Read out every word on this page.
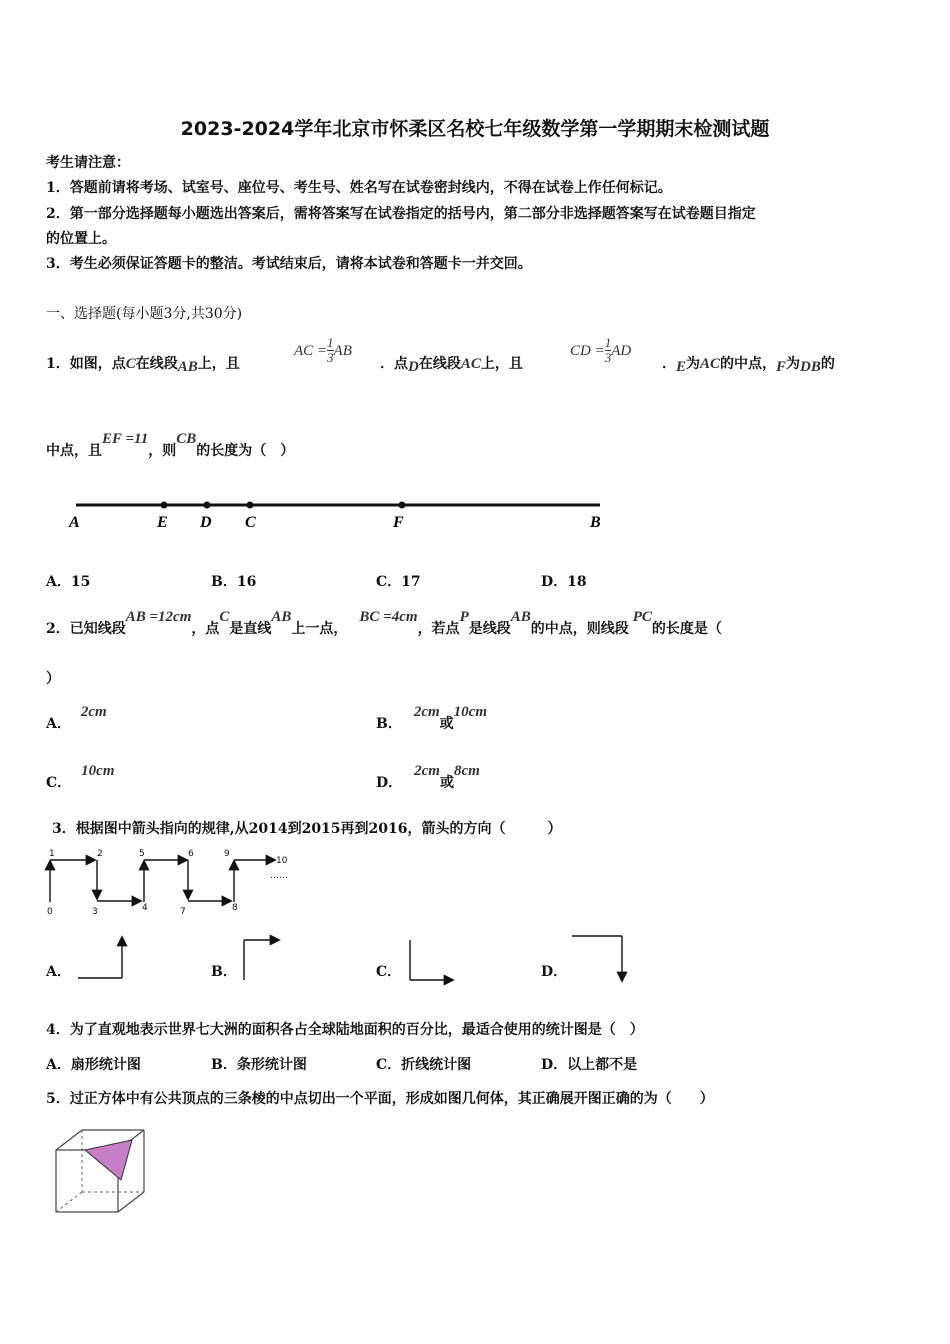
2023-2024学年北京市怀柔区名校七年级数学第一学期期末检测试题
考生请注意：
1．答题前请将考场、试室号、座位号、考生号、姓名写在试卷密封线内，不得在试卷上作任何标记。
2．第一部分选择题每小题选出答案后，需将答案写在试卷指定的括号内，第二部分非选择题答案写在试卷题目指定
的位置上。
3．考生必须保证答题卡的整洁。考试结束后，请将本试卷和答题卡一并交回。
一、选择题(每小题3分,共30分)
1．如图，点C在线段AB上，且
AC = $\frac{1}{3}$ AB
．点D在线段AC上，且
CD = $\frac{1}{3}$ AD
．E为AC的中点，F为DB的
中点，且EF =11，则CB的长度为（　）
A	E D C	F	B
A．15	B．16	C．17	D．18
2．已知线段AB =12cm，点C是直线AB上一点，BC =4cm，若点P是线段AB的中点，则线段PC的长度是（
）
A．2cm
B．2cm或10cm
C．10cm
D．2cm或8cm
3．根据图中箭头指向的规律,从2014到2015再到2016，箭头的方向（　　　）
0
1	2
3	4
5	6
7	8
9
10
……
A．	B．	C．	D．
4．为了直观地表示世界七大洲的面积各占全球陆地面积的百分比，最适合使用的统计图是（　）
A．扇形统计图	B．条形统计图	C．折线统计图	D．以上都不是
5．过正方体中有公共顶点的三条棱的中点切出一个平面，形成如图几何体，其正确展开图正确的为（　　）
